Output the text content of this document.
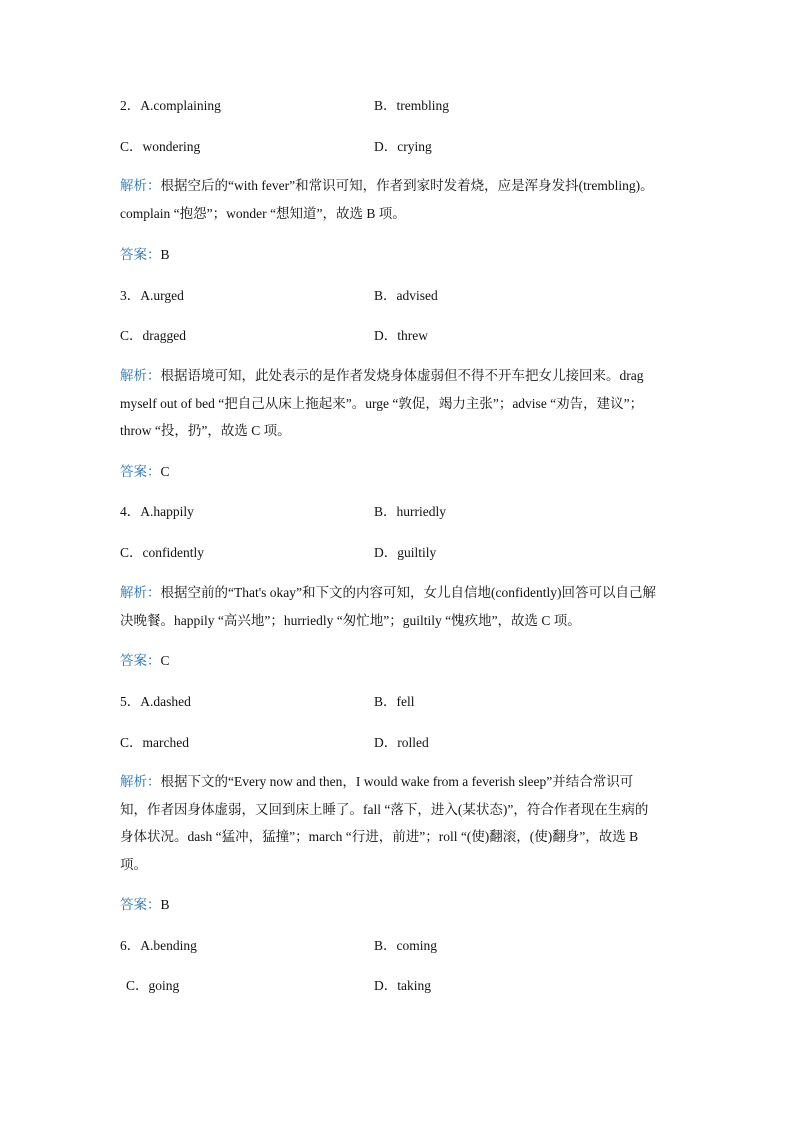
2．A.complaining	B．trembling
C．wondering	D．crying

解析：根据空后的“with fever”和常识可知，作者到家时发着烧，应是浑身发抖(trembling)。

complain “抱怨”；wonder “想知道”，故选 B 项。

答案：B
3．A.urged	B．advised
C．dragged	D．threw

解析：根据语境可知，此处表示的是作者发烧身体虚弱但不得不开车把女儿接回来。drag

myself out of bed “把自己从床上拖起来”。urge “敦促，竭力主张”；advise “劝告，建议”；

throw “投，扔”，故选 C 项。

答案：C
4．A.happily	B．hurriedly
C．confidently	D．guiltily

解析：根据空前的“That's okay”和下文的内容可知，女儿自信地(confidently)回答可以自己解

决晚餐。happily “高兴地”；hurriedly “匆忙地”；guiltily “愧疚地”，故选 C 项。

答案：C
5．A.dashed	B．fell
C．marched	D．rolled

解析：根据下文的“Every now and then，I would wake from a feverish sleep”并结合常识可

知，作者因身体虚弱，又回到床上睡了。fall “落下，进入(某状态)”，符合作者现在生病的

身体状况。dash “猛冲，猛撞”；march “行进，前进”；roll “(使)翻滚，(使)翻身”，故选 B

项。

答案：B
6．A.bending	B．coming
C．going	D．taking
